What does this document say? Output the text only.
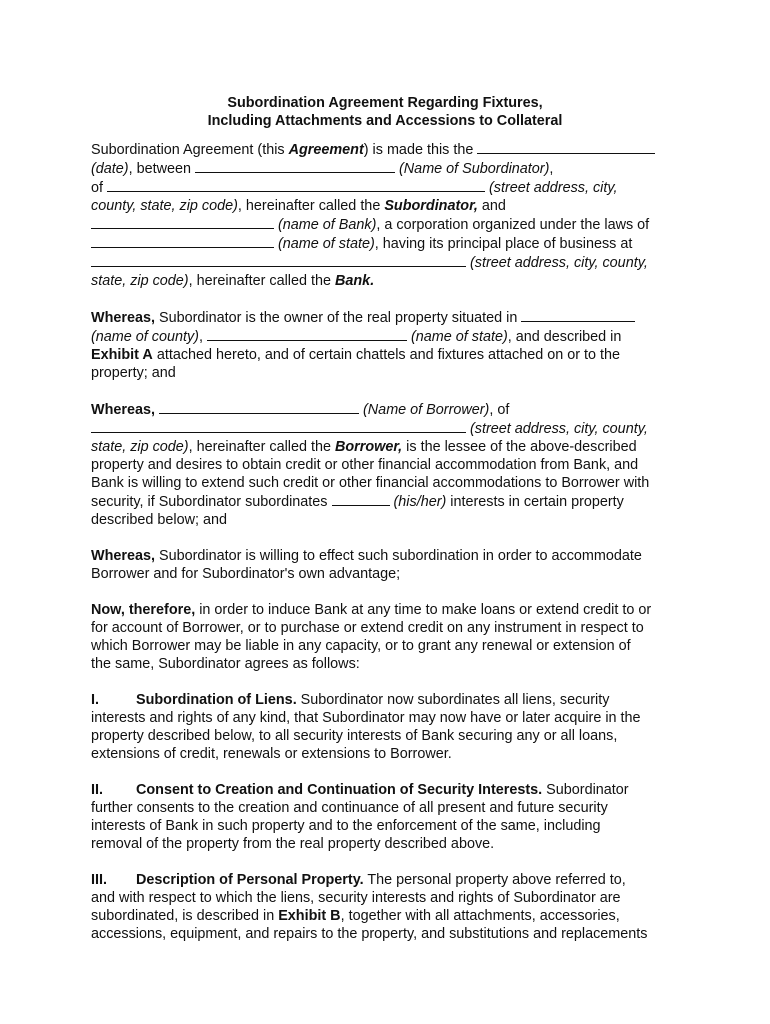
Subordination Agreement Regarding Fixtures,
Including Attachments and Accessions to Collateral
Subordination Agreement (this Agreement) is made this the
(date), between	(Name of Subordinator),
of	(street address, city,
county, state, zip code), hereinafter called the Subordinator, and
(name of Bank), a corporation organized under the laws of
(name of state), having its principal place of business at
(street address, city, county,
state, zip code), hereinafter called the Bank.
Whereas, Subordinator is the owner of the real property situated in
(name of county),	(name of state), and described in
Exhibit A attached hereto, and of certain chattels and fixtures attached on or to the
property; and
Whereas,	(Name of Borrower), of
(street address, city, county,
state, zip code), hereinafter called the Borrower, is the lessee of the above-described
property and desires to obtain credit or other financial accommodation from Bank, and
Bank is willing to extend such credit or other financial accommodations to Borrower with
security, if Subordinator subordinates	(his/her) interests in certain property
described below; and
Whereas, Subordinator is willing to effect such subordination in order to accommodate
Borrower and for Subordinator's own advantage;
Now, therefore, in order to induce Bank at any time to make loans or extend credit to or
for account of Borrower, or to purchase or extend credit on any instrument in respect to
which Borrower may be liable in any capacity, or to grant any renewal or extension of
the same, Subordinator agrees as follows:
I.	Subordination of Liens. Subordinator now subordinates all liens, security
interests and rights of any kind, that Subordinator may now have or later acquire in the
property described below, to all security interests of Bank securing any or all loans,
extensions of credit, renewals or extensions to Borrower.
II. Consent to Creation and Continuation of Security Interests. Subordinator
further consents to the creation and continuance of all present and future security
interests of Bank in such property and to the enforcement of the same, including
removal of the property from the real property described above.
III. Description of Personal Property. The personal property above referred to,
and with respect to which the liens, security interests and rights of Subordinator are
subordinated, is described in Exhibit B, together with all attachments, accessories,
accessions, equipment, and repairs to the property, and substitutions and replacements
